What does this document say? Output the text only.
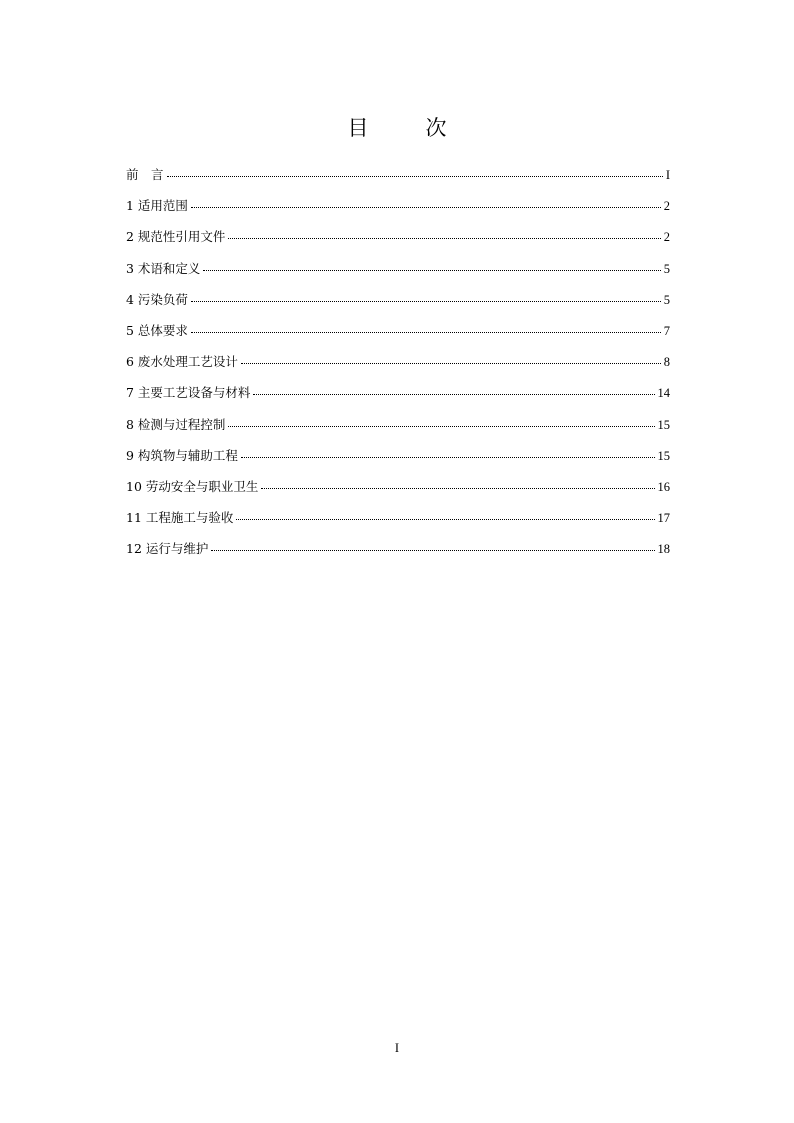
目　次
前　言	I
1 适用范围	2
2 规范性引用文件	2
3 术语和定义	5
4 污染负荷	5
5 总体要求	7
6 废水处理工艺设计	8
7 主要工艺设备与材料	14
8 检测与过程控制	15
9 构筑物与辅助工程	15
10 劳动安全与职业卫生	16
11 工程施工与验收	17
12 运行与维护	18
I
